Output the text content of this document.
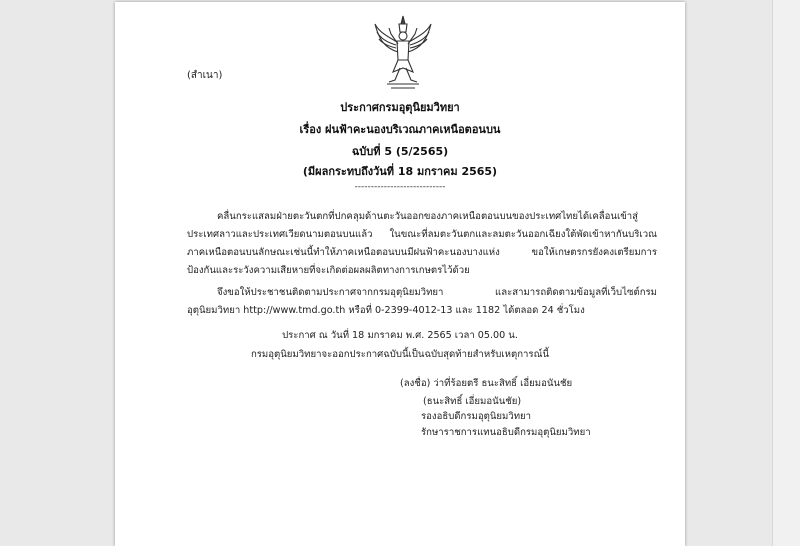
(สำเนา)
ประกาศกรมอุตุนิยมวิทยา
เรื่อง ฝนฟ้าคะนองบริเวณภาคเหนือตอนบน
ฉบับที่ 5 (5/2565)
(มีผลกระทบถึงวันที่ 18 มกราคม 2565)
----------------------------
คลื่นกระแสลมฝ่ายตะวันตกที่ปกคลุมด้านตะวันออกของภาคเหนือตอนบนของประเทศไทยได้เคลื่อนเข้าสู่ประเทศลาวและประเทศเวียดนามตอนบนแล้ว ในขณะที่ลมตะวันตกและลมตะวันออกเฉียงใต้พัดเข้าหากันบริเวณภาคเหนือตอนบนลักษณะเช่นนี้ทำให้ภาคเหนือตอนบนมีฝนฟ้าคะนองบางแห่ง ขอให้เกษตรกรยังคงเตรียมการป้องกันและระวังความเสียหายที่จะเกิดต่อผลผลิตทางการเกษตรไว้ด้วย
จึงขอให้ประชาชนติดตามประกาศจากกรมอุตุนิยมวิทยา และสามารถติดตามข้อมูลที่เว็บไซต์กรมอุตุนิยมวิทยา http://www.tmd.go.th หรือที่ 0-2399-4012-13 และ 1182 ได้ตลอด 24 ชั่วโมง
ประกาศ ณ วันที่ 18 มกราคม พ.ศ. 2565 เวลา 05.00 น.
กรมอุตุนิยมวิทยาจะออกประกาศฉบับนี้เป็นฉบับสุดท้ายสำหรับเหตุการณ์นี้
(ลงชื่อ) ว่าที่ร้อยตรี ธนะสิทธิ์ เอี่ยมอนันชัย
(ธนะสิทธิ์ เอี่ยมอนันชัย)
รองอธิบดีกรมอุตุนิยมวิทยา
รักษาราชการแทนอธิบดีกรมอุตุนิยมวิทยา
